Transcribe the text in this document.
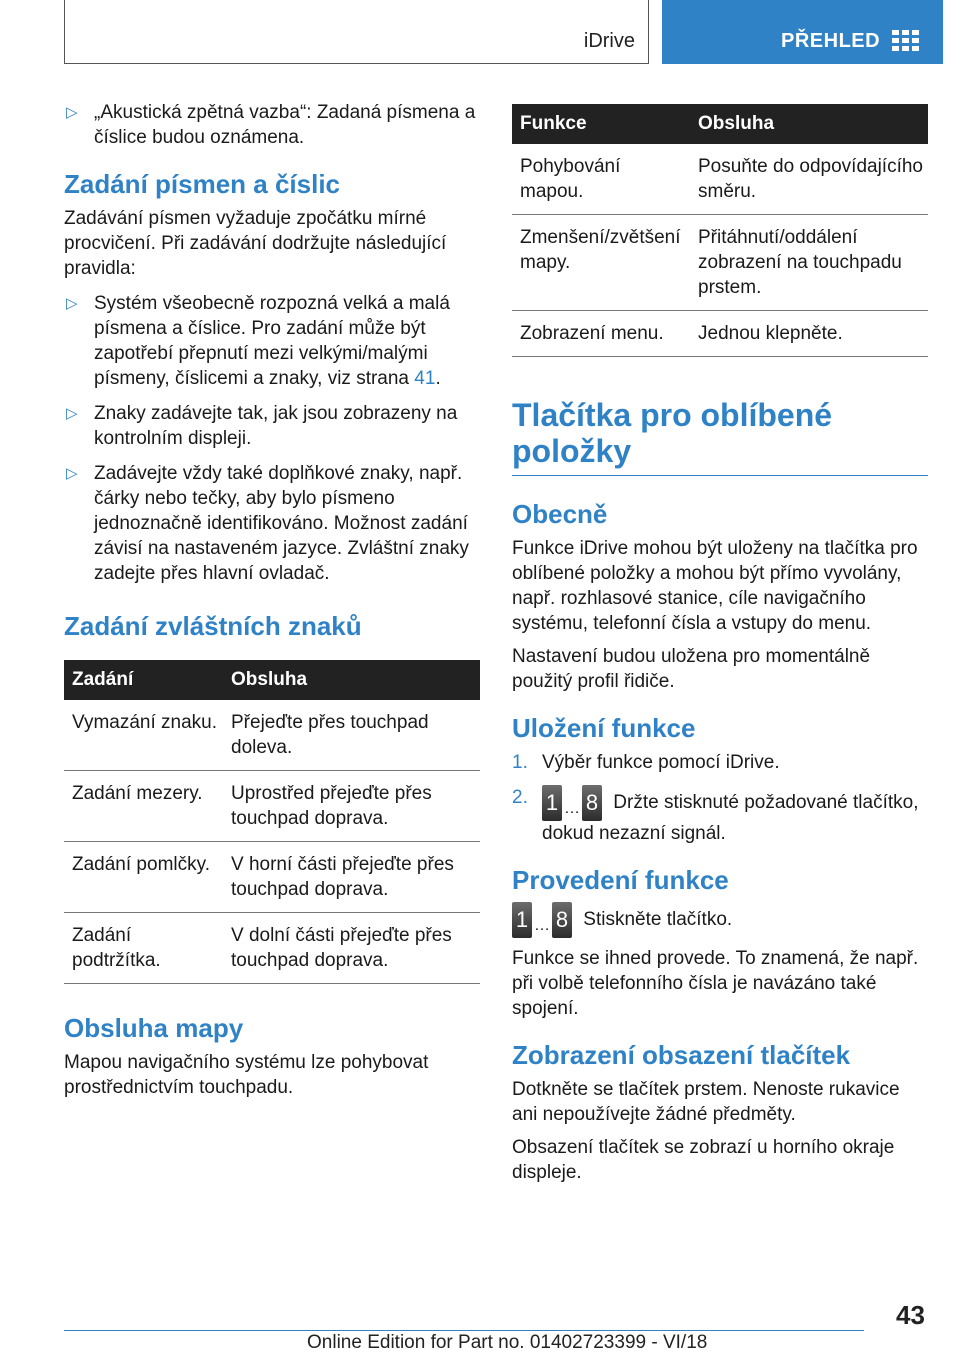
iDrive	PŘEHLED
▷ „Akustická zpětná vazba“: Zadaná písmena a číslice budou oznámena.
Zadání písmen a číslic

Zadávání písmen vyžaduje zpočátku mírné procvičení. Při zadávání dodržujte následující pravidla:

▷ Systém všeobecně rozpozná velká a malá písmena a číslice. Pro zadání může být zapotřebí přepnutí mezi velkými/malými písmeny, číslicemi a znaky, viz strana 41.
▷ Znaky zadávejte tak, jak jsou zobrazeny na kontrolním displeji.
▷ Zadávejte vždy také doplňkové znaky, např. čárky nebo tečky, aby bylo písmeno jednoznačně identifikováno. Možnost zadání závisí na nastaveném jazyce. Zvláštní znaky zadejte přes hlavní ovladač.
Zadání zvláštních znaků
Zadání	Obsluha
Vymazání znaku.	Přejeďte přes touchpad doleva.
Zadání mezery.	Uprostřed přejeďte přes touchpad doprava.
Zadání pomlčky.	V horní části přejeďte přes touchpad doprava.
Zadání podtržítka.	V dolní části přejeďte přes touchpad doprava.
Obsluha mapy

Mapou navigačního systému lze pohybovat prostřednictvím touchpadu.

Funkce	Obsluha
Pohybování mapou.	Posuňte do odpovídajícího směru.
Zmenšení/zvětšení mapy.	Přitáhnutí/oddálení zobrazení na touchpadu prstem.
Zobrazení menu.	Jednou klepněte.
Tlačítka pro oblíbené položky
Obecně

Funkce iDrive mohou být uloženy na tlačítka pro oblíbené položky a mohou být přímo vyvolány, např. rozhlasové stanice, cíle navigačního systému, telefonní čísla a vstupy do menu.

Nastavení budou uložena pro momentálně použitý profil řidiče.

Uložení funkce
1. Výběr funkce pomocí iDrive.
2. 1 … 8 Držte stisknuté požadované tlačítko, dokud nezazní signál.
Provedení funkce

1 … 8 Stiskněte tlačítko.

Funkce se ihned provede. To znamená, že např. při volbě telefonního čísla je navázáno také spojení.

Zobrazení obsazení tlačítek

Dotkněte se tlačítek prstem. Nenoste rukavice ani nepoužívejte žádné předměty.

Obsazení tlačítek se zobrazí u horního okraje displeje.

43
Online Edition for Part no. 01402723399 - VI/18
